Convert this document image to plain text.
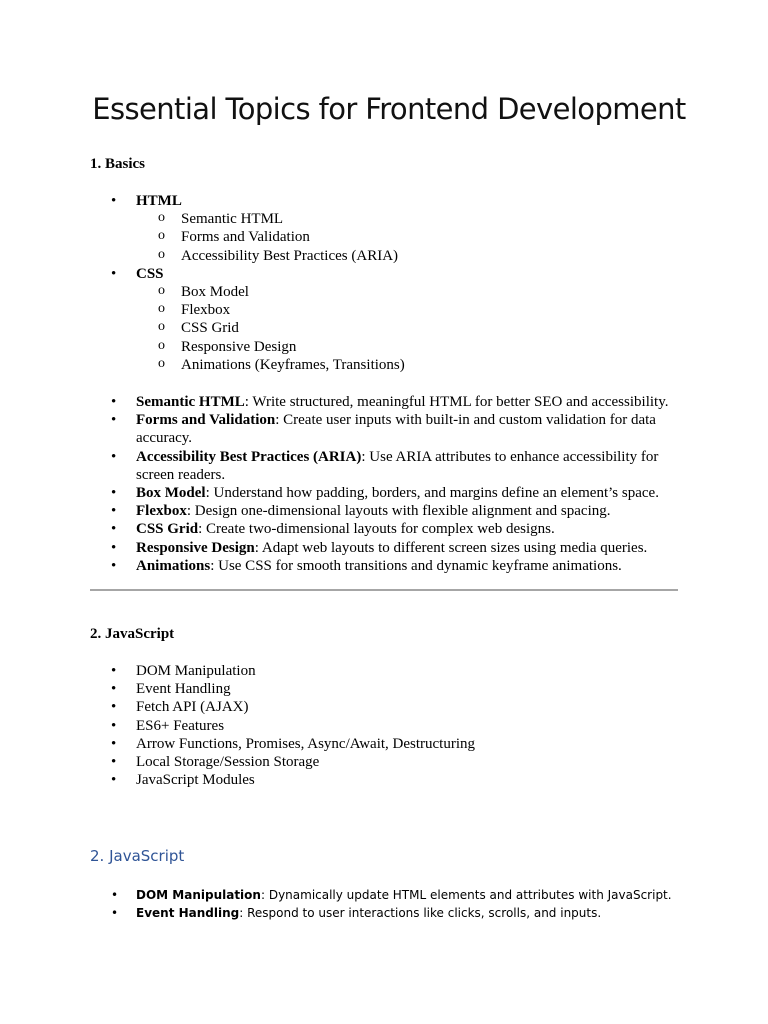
Essential Topics for Frontend Development

1. Basics

• HTML
o Semantic HTML
o Forms and Validation
o Accessibility Best Practices (ARIA)
• CSS
o Box Model
o Flexbox
o CSS Grid
o Responsive Design
o Animations (Keyframes, Transitions)
• Semantic HTML: Write structured, meaningful HTML for better SEO and accessibility.
• Forms and Validation: Create user inputs with built-in and custom validation for data accuracy.
• Accessibility Best Practices (ARIA): Use ARIA attributes to enhance accessibility for screen readers.
• Box Model: Understand how padding, borders, and margins define an element’s space.
• Flexbox: Design one-dimensional layouts with flexible alignment and spacing.
• CSS Grid: Create two-dimensional layouts for complex web designs.
• Responsive Design: Adapt web layouts to different screen sizes using media queries.
• Animations: Use CSS for smooth transitions and dynamic keyframe animations.

2. JavaScript

• DOM Manipulation
• Event Handling
• Fetch API (AJAX)
• ES6+ Features
• Arrow Functions, Promises, Async/Await, Destructuring
• Local Storage/Session Storage
• JavaScript Modules
2. JavaScript
• DOM Manipulation: Dynamically update HTML elements and attributes with JavaScript.
• Event Handling: Respond to user interactions like clicks, scrolls, and inputs.
